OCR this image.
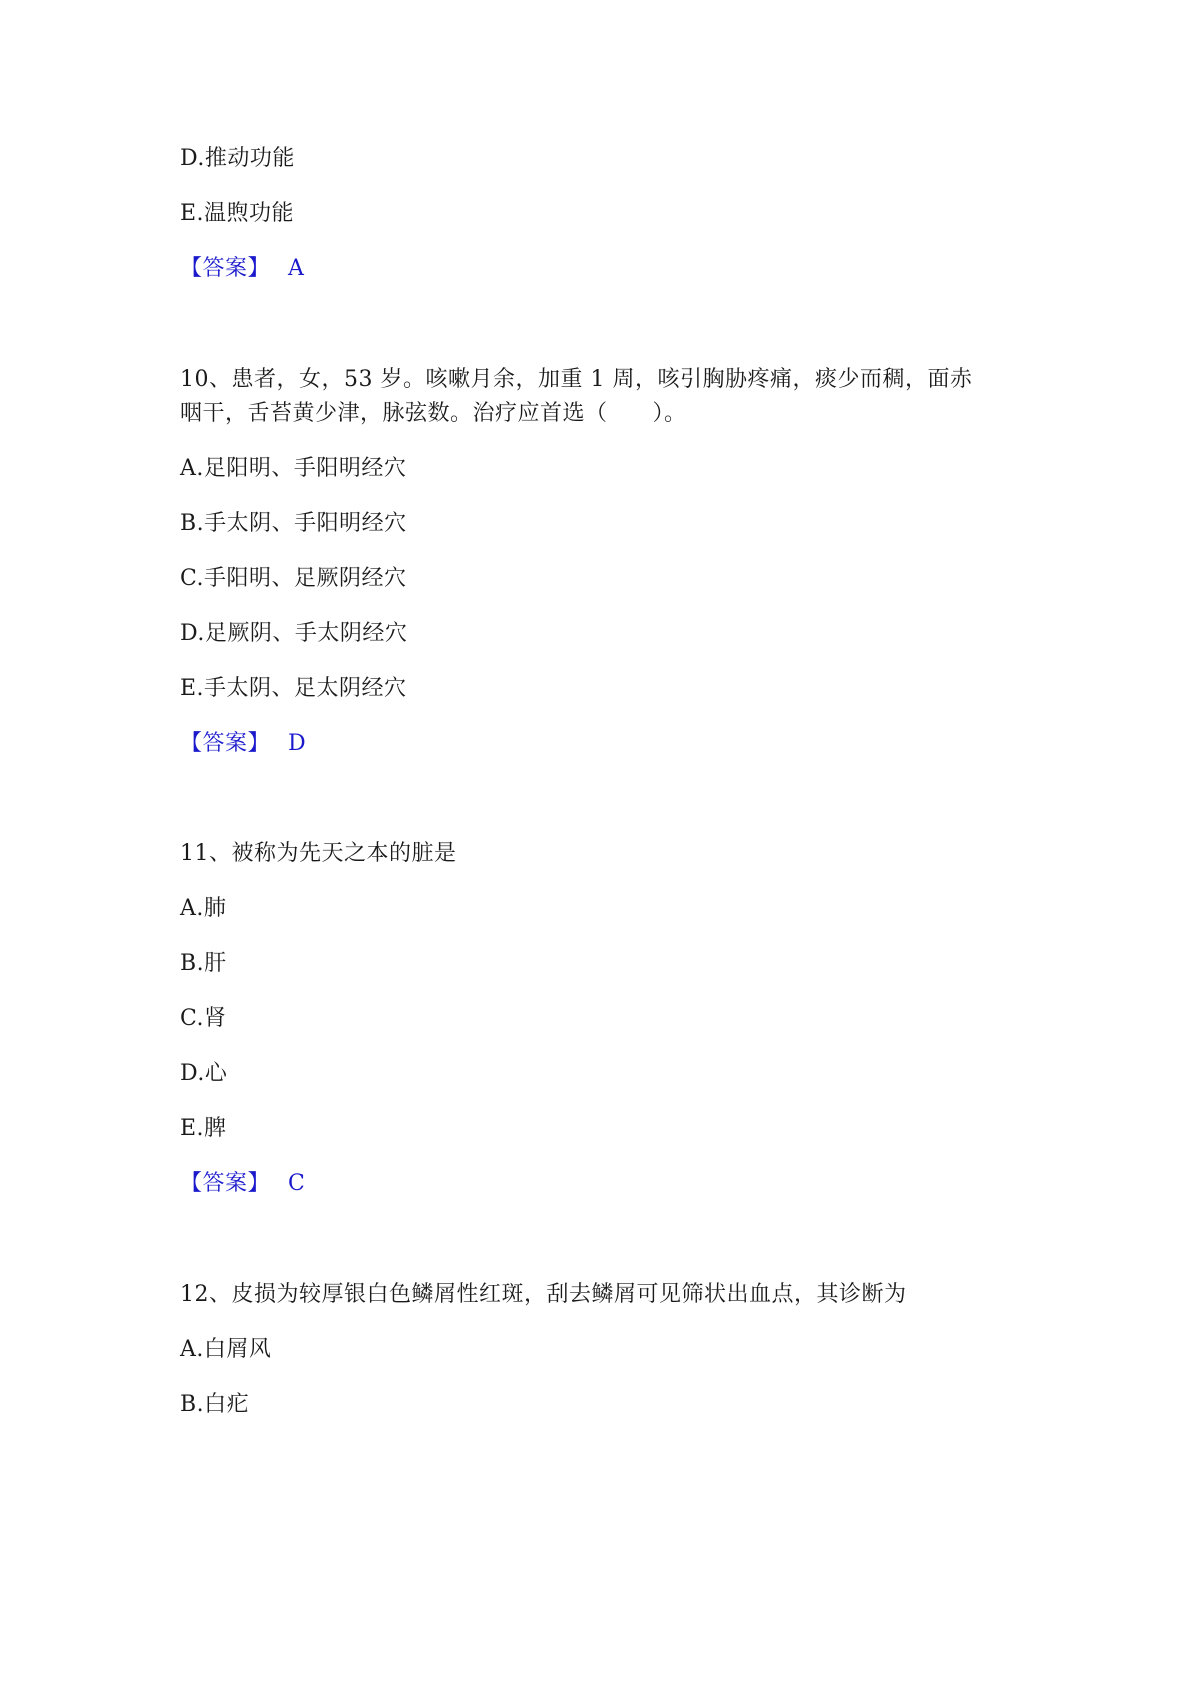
D.推动功能
E.温煦功能
【答案】 A
10、患者，女，53 岁。咳嗽月余，加重 1 周，咳引胸胁疼痛，痰少而稠，面赤
咽干，舌苔黄少津，脉弦数。治疗应首选（　　）。
A.足阳明、手阳明经穴
B.手太阴、手阳明经穴
C.手阳明、足厥阴经穴
D.足厥阴、手太阴经穴
E.手太阴、足太阴经穴
【答案】 D
11、被称为先天之本的脏是
A.肺
B.肝
C.肾
D.心
E.脾
【答案】 C
12、皮损为较厚银白色鳞屑性红斑，刮去鳞屑可见筛状出血点，其诊断为
A.白屑风
B.白疕
